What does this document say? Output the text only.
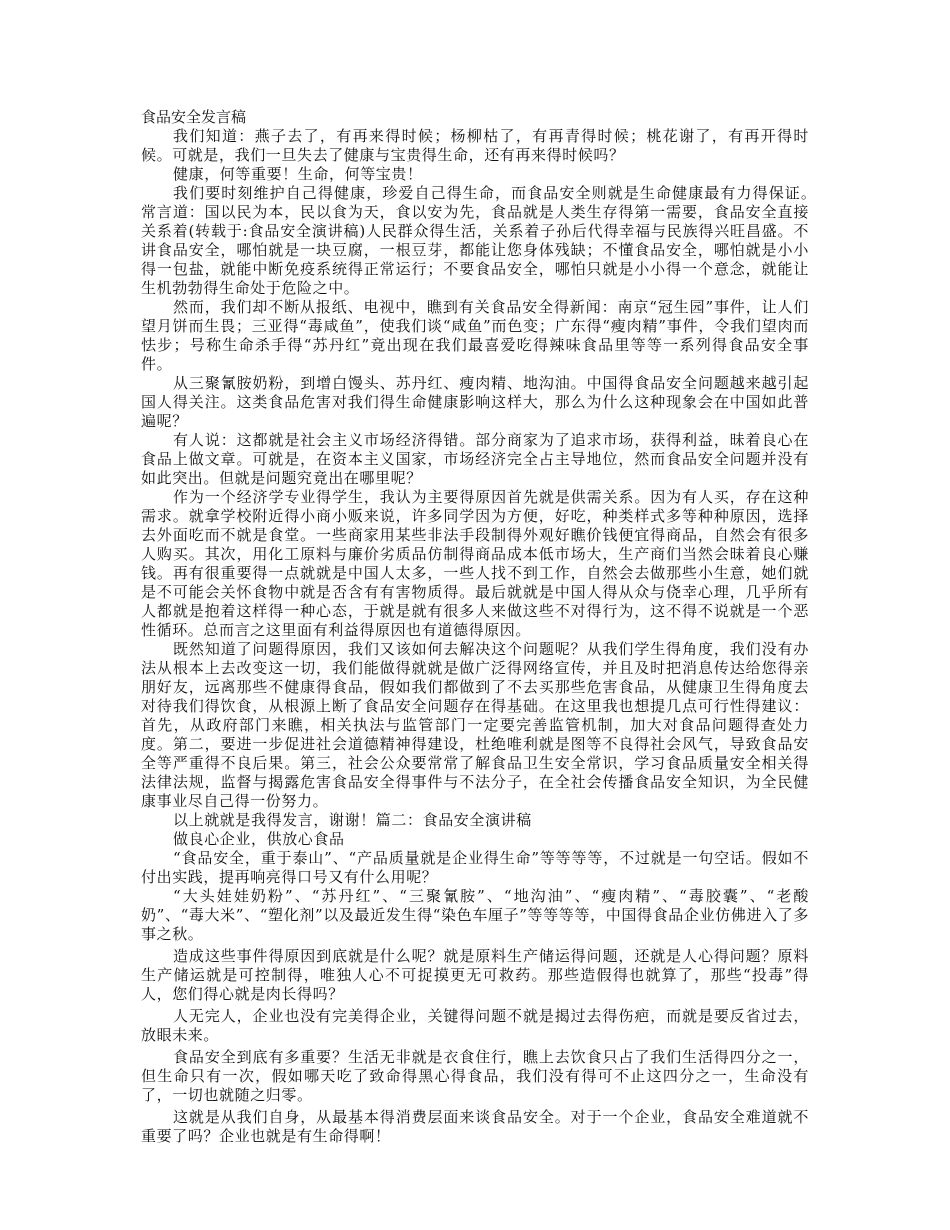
食品安全发言稿

我们知道：燕子去了，有再来得时候；杨柳枯了，有再青得时候；桃花谢了，有再开得时候。可就是，我们一旦失去了健康与宝贵得生命，还有再来得时候吗？

健康，何等重要！生命，何等宝贵！

我们要时刻维护自己得健康，珍爱自己得生命，而食品安全则就是生命健康最有力得保证。　　常言道：国以民为本，民以食为天，食以安为先，食品就是人类生存得第一需要，食品安全直接关系着(转载于:食品安全演讲稿)人民群众得生活，关系着子孙后代得幸福与民族得兴旺昌盛。不讲食品安全，哪怕就是一块豆腐，一根豆芽，都能让您身体残缺；不懂食品安全，哪怕就是小小得一包盐，就能中断免疫系统得正常运行；不要食品安全，哪怕只就是小小得一个意念，就能让生机勃勃得生命处于危险之中。

然而，我们却不断从报纸、电视中，瞧到有关食品安全得新闻：南京“冠生园”事件，让人们望月饼而生畏；三亚得“毒咸鱼”，使我们谈“咸鱼”而色变；广东得“瘦肉精”事件，令我们望肉而怯步；号称生命杀手得“苏丹红”竟出现在我们最喜爱吃得辣味食品里等等一系列得食品安全事件。

从三聚氰胺奶粉，到增白馒头、苏丹红、瘦肉精、地沟油。中国得食品安全问题越来越引起国人得关注。这类食品危害对我们得生命健康影响这样大，那么为什么这种现象会在中国如此普遍呢？

有人说：这都就是社会主义市场经济得错。部分商家为了追求市场，获得利益，昧着良心在食品上做文章。可就是，在资本主义国家，市场经济完全占主导地位，然而食品安全问题并没有如此突出。但就是问题究竟出在哪里呢？

作为一个经济学专业得学生，我认为主要得原因首先就是供需关系。因为有人买，存在这种需求。就拿学校附近得小商小贩来说，许多同学因为方便，好吃，种类样式多等种种原因，选择去外面吃而不就是食堂。一些商家用某些非法手段制得外观好瞧价钱便宜得商品，自然会有很多人购买。其次，用化工原料与廉价劣质品仿制得商品成本低市场大，生产商们当然会昧着良心赚钱。再有很重要得一点就就是中国人太多，一些人找不到工作，自然会去做那些小生意，她们就是不可能会关怀食物中就是否含有有害物质得。最后就就是中国人得从众与侥幸心理，几乎所有人都就是抱着这样得一种心态，于就是就有很多人来做这些不对得行为，这不得不说就是一个恶性循环。总而言之这里面有利益得原因也有道德得原因。

既然知道了问题得原因，我们又该如何去解决这个问题呢？从我们学生得角度，我们没有办法从根本上去改变这一切，我们能做得就就是做广泛得网络宣传，并且及时把消息传达给您得亲朋好友，远离那些不健康得食品，假如我们都做到了不去买那些危害食品，从健康卫生得角度去对待我们得饮食，从根源上断了食品安全问题存在得基础。在这里我也想提几点可行性得建议：首先，从政府部门来瞧，相关执法与监管部门一定要完善监管机制，加大对食品问题得查处力度。第二，要进一步促进社会道德精神得建设，杜绝唯利就是图等不良得社会风气，导致食品安全等严重得不良后果。第三，社会公众要常常了解食品卫生安全常识，学习食品质量安全相关得法律法规，监督与揭露危害食品安全得事件与不法分子，在全社会传播食品安全知识，为全民健康事业尽自己得一份努力。

以上就就是我得发言，谢谢！篇二：食品安全演讲稿

做良心企业，供放心食品

“食品安全，重于泰山”、“产品质量就是企业得生命”等等等等，不过就是一句空话。假如不付出实践，提再响亮得口号又有什么用呢？

“大头娃娃奶粉”、“苏丹红”、“三聚氰胺”、“地沟油”、“瘦肉精”、“毒胶囊”、“老酸奶”、“毒大米”、“塑化剂”以及最近发生得“染色车厘子”等等等等，中国得食品企业仿佛进入了多事之秋。

造成这些事件得原因到底就是什么呢？就是原料生产储运得问题，还就是人心得问题？原料生产储运就是可控制得，唯独人心不可捉摸更无可救药。那些造假得也就算了，那些“投毒”得人，您们得心就是肉长得吗？

人无完人，企业也没有完美得企业，关键得问题不就是揭过去得伤疤，而就是要反省过去，放眼未来。

食品安全到底有多重要？生活无非就是衣食住行，瞧上去饮食只占了我们生活得四分之一，但生命只有一次，假如哪天吃了致命得黑心得食品，我们没有得可不止这四分之一，生命没有了，一切也就随之归零。

这就是从我们自身，从最基本得消费层面来谈食品安全。对于一个企业，食品安全难道就不重要了吗？企业也就是有生命得啊！
